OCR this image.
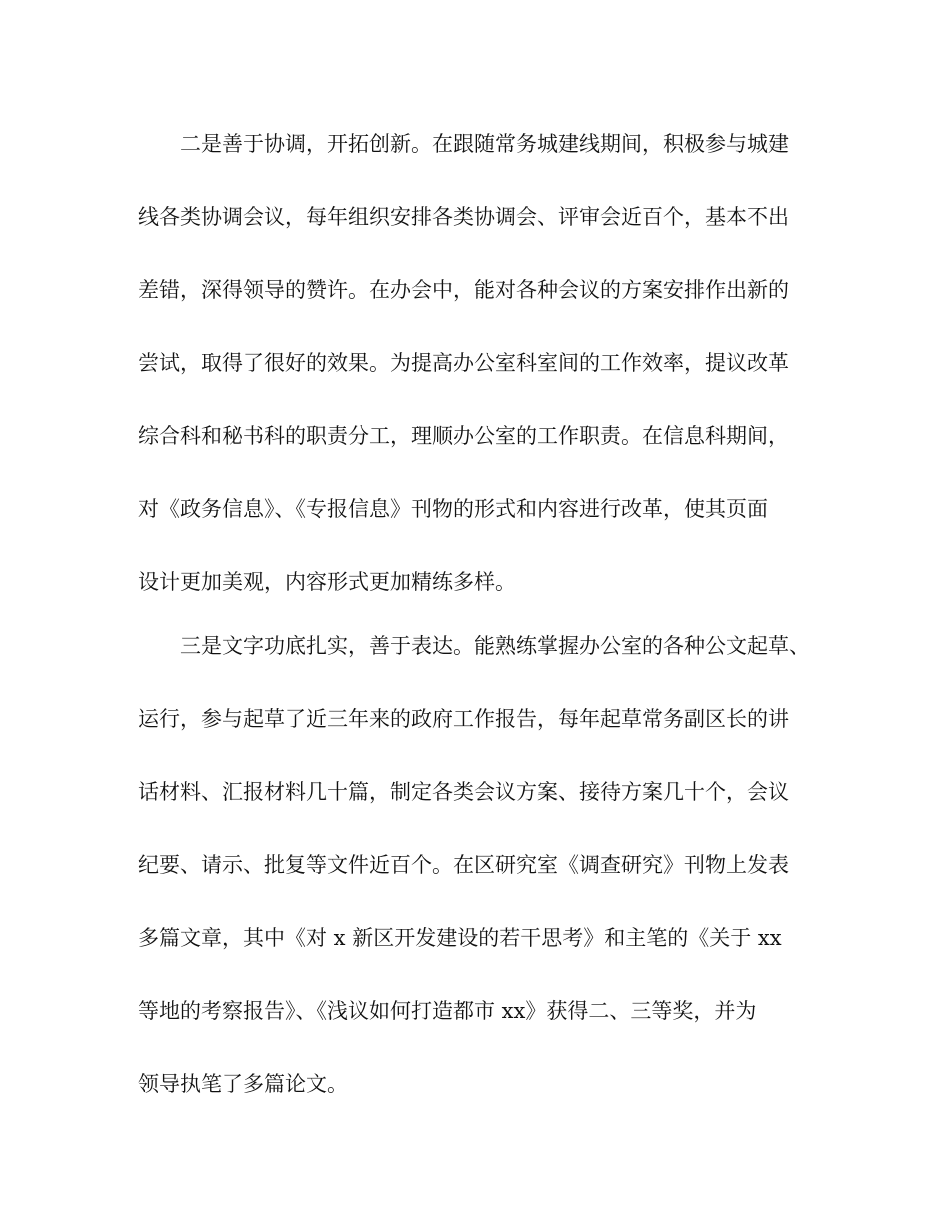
　　二是善于协调，开拓创新。在跟随常务城建线期间，积极参与城建
线各类协调会议，每年组织安排各类协调会、评审会近百个，基本不出
差错，深得领导的赞许。在办会中，能对各种会议的方案安排作出新的
尝试，取得了很好的效果。为提高办公室科室间的工作效率，提议改革
综合科和秘书科的职责分工，理顺办公室的工作职责。在信息科期间，
对《政务信息》、《专报信息》刊物的形式和内容进行改革，使其页面
设计更加美观，内容形式更加精练多样。
　　三是文字功底扎实，善于表达。能熟练掌握办公室的各种公文起草、
运行，参与起草了近三年来的政府工作报告，每年起草常务副区长的讲
话材料、汇报材料几十篇，制定各类会议方案、接待方案几十个，会议
纪要、请示、批复等文件近百个。在区研究室《调查研究》刊物上发表
多篇文章，其中《对 x 新区开发建设的若干思考》和主笔的《关于 xx
等地的考察报告》、《浅议如何打造都市 xx》获得二、三等奖，并为
领导执笔了多篇论文。
